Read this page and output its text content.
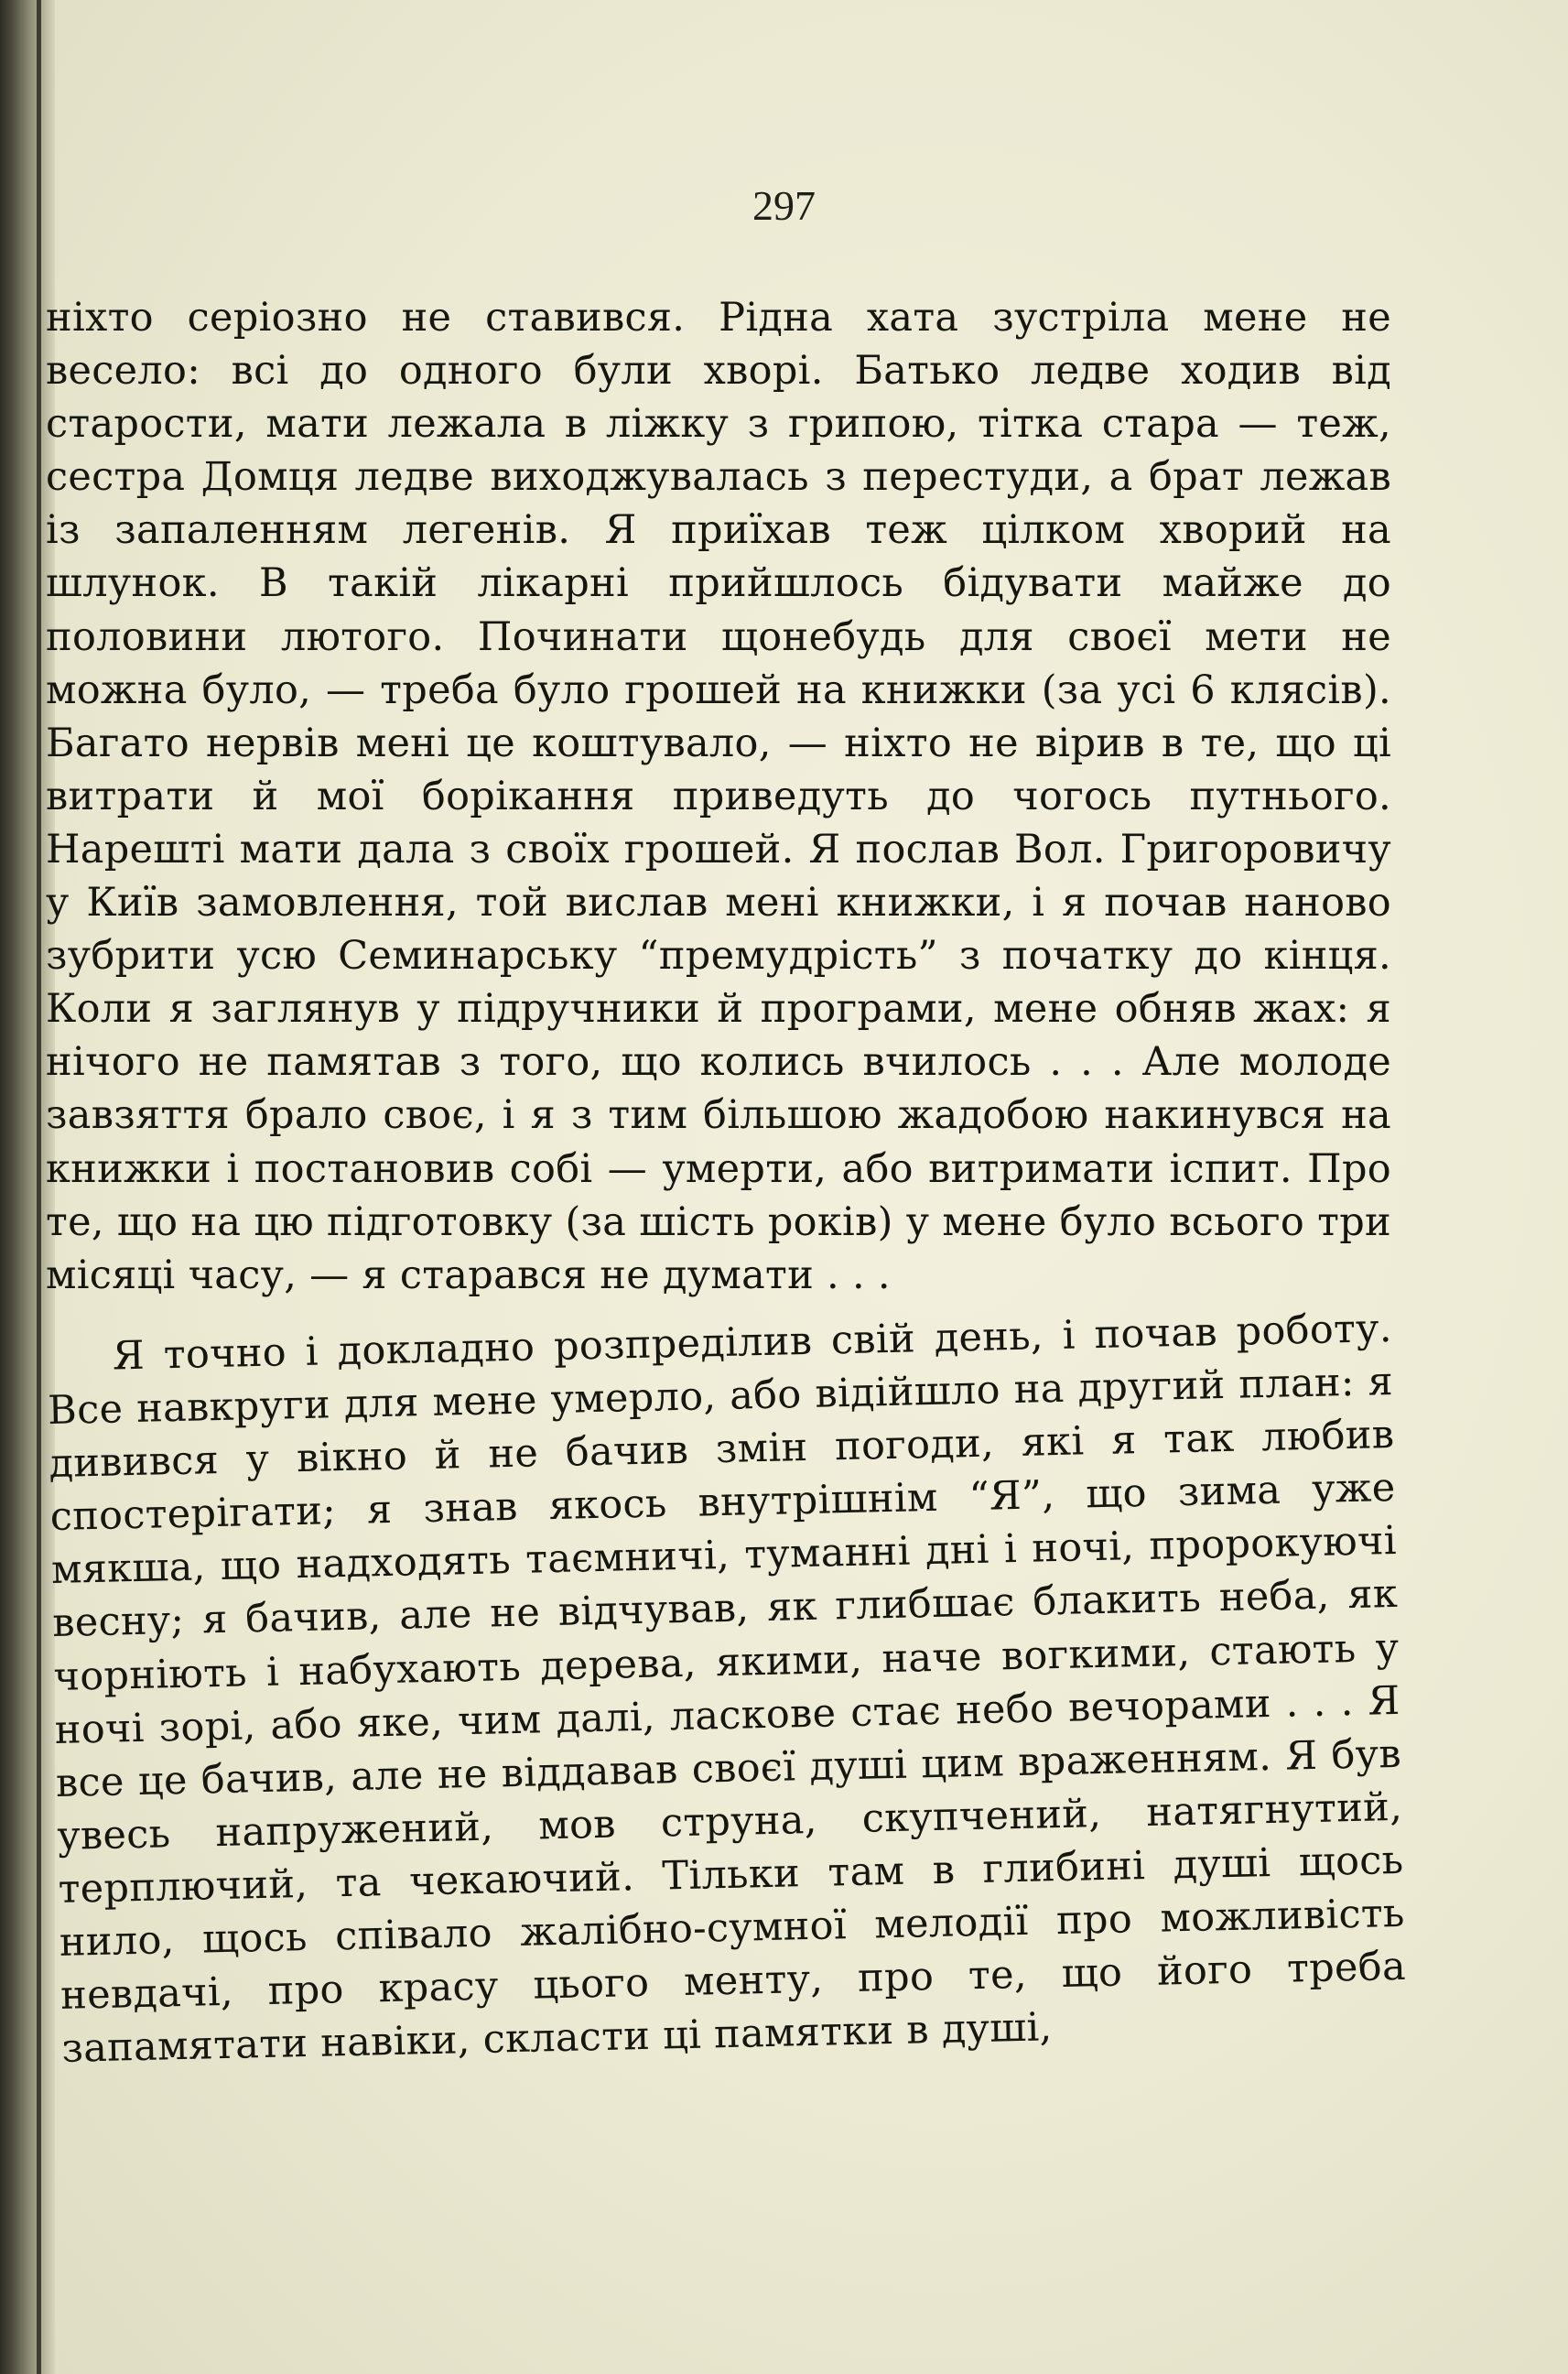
297

ніхто серіозно не ставився. Рідна хата зустріла мене не весело: всі до одного були хворі. Батько ледве ходив від старости, мати лежала в ліжку з грипою, тітка стара — теж, сестра Домця ледве виходжувалась з перестуди, а брат лежав із запаленням легенів. Я приїхав теж цілком хворий на шлунок. В такій лікарні прийшлось бідувати майже до половини лютого. Починати щонебудь для своєї мети не можна було, — треба було грошей на книжки (за усі 6 клясів). Багато нервів мені це коштувало, — ніхто не вірив в те, що ці витрати й мої борікання приведуть до чогось путнього. Нарешті мати дала з своїх грошей. Я послав Вол. Григоровичу у Київ замовлення, той вислав мені книжки, і я почав наново зубрити усю Семинарську “премудрість” з початку до кінця. Коли я заглянув у підручники й програми, мене обняв жах: я нічого не памятав з того, що колись вчилось . . . Але молоде завзяття брало своє, і я з тим більшою жадобою накинувся на книжки і постановив собі — умерти, або витримати іспит. Про те, що на цю підготовку (за шість років) у мене було всього три місяці часу, — я старався не думати . . .

Я точно і докладно розпреділив свій день, і почав роботу. Все навкруги для мене умерло, або відійшло на другий план: я дивився у вікно й не бачив змін погоди, які я так любив спостерігати; я знав якось внутрішнім “Я”, що зима уже мякша, що надходять таємничі, туманні дні і ночі, пророкуючі весну; я бачив, але не відчував, як глибшає блакить неба, як чорніють і набухають дерева, якими, наче вогкими, стають у ночі зорі, або яке, чим далі, ласкове стає небо вечорами . . . Я все це бачив, але не віддавав своєї душі цим враженням. Я був увесь напружений, мов струна, скупчений, натягнутий, терплючий, та чекаючий. Тільки там в глибині душі щось нило, щось співало жалібно-сумної мелодії про можливість невдачі, про красу цього менту, про те, що його треба запамятати навіки, скласти ці памятки в душі,
